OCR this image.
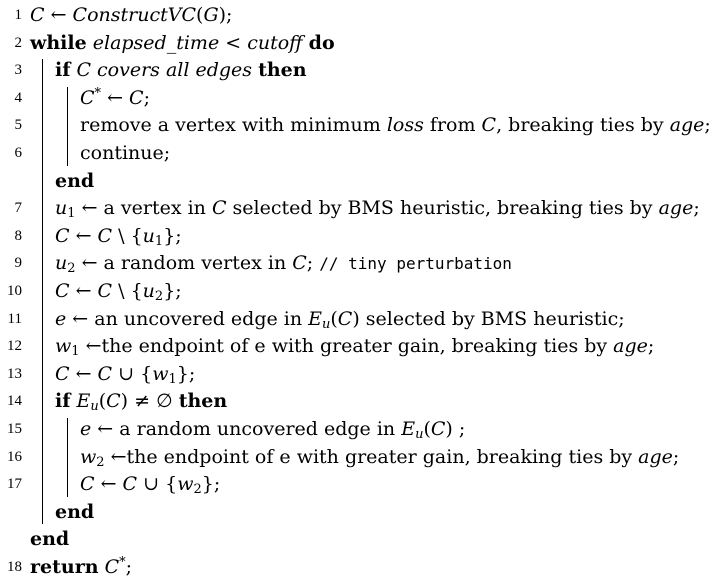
1 C ← ConstructVC(G);
2 while elapsed_time < cutoff do
3 if C covers all edges then
4	C* ← C;
5	remove a vertex with minimum loss from C, breaking ties by age;
6	continue;
end
7 $u_1$ ← a vertex in C selected by BMS heuristic, breaking ties by age;
8 C ← C \ $\{u_1\}$;
9 $u_2$ ← a random vertex in C; // tiny perturbation
10 C ← C \ $\{u_2\}$;
11 e ← an uncovered edge in $E_u(C)$ selected by BMS heuristic;
12 $w_1$ ←the endpoint of e with greater gain, breaking ties by age;
13 C ← C ∪ $\{w_1\}$;
14 if $E_u(C)$ ≠ ∅ then
15	e ← a random uncovered edge in $E_u(C)$ ;
16	$w_2$ ←the endpoint of e with greater gain, breaking ties by age;
17	C ← C ∪ $\{w_2\}$;
end
end
18 return C*;
